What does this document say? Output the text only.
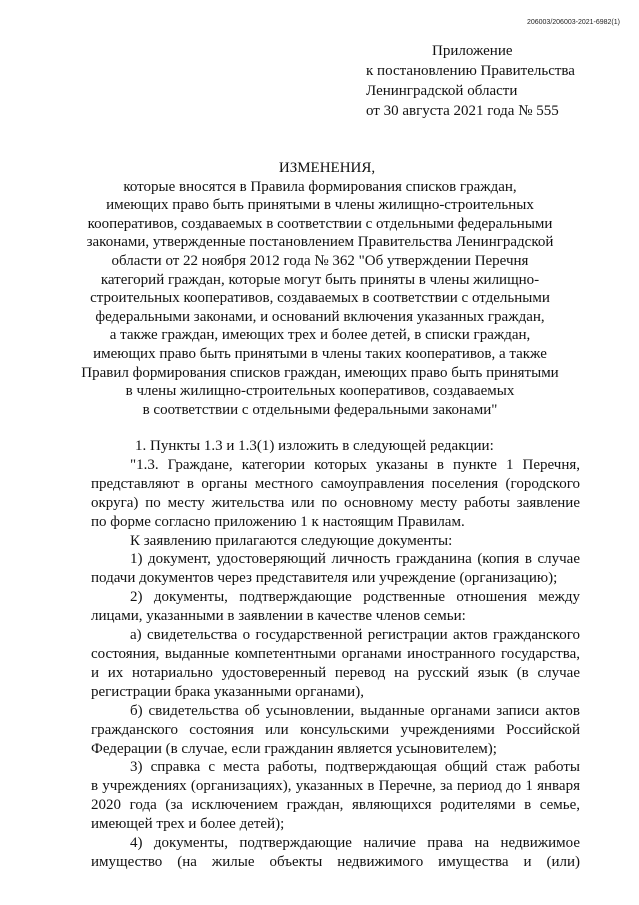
206003/206003-2021-6982(1)
Приложение
к постановлению Правительства
Ленинградской области
от 30 августа 2021 года № 555
ИЗМЕНЕНИЯ,
которые вносятся в Правила формирования списков граждан,
имеющих право быть принятыми в члены жилищно-строительных
кооперативов, создаваемых в соответствии с отдельными федеральными
законами, утвержденные постановлением Правительства Ленинградской
области от 22 ноября 2012 года № 362 "Об утверждении Перечня
категорий граждан, которые могут быть приняты в члены жилищно-
строительных кооперативов, создаваемых в соответствии с отдельными
федеральными законами, и оснований включения указанных граждан,
а также граждан, имеющих трех и более детей, в списки граждан,
имеющих право быть принятыми в члены таких кооперативов, а также
Правил формирования списков граждан, имеющих право быть принятыми
в члены жилищно-строительных кооперативов, создаваемых
в соответствии с отдельными федеральными законами"
1. Пункты 1.3 и 1.3(1) изложить в следующей редакции:
"1.3. Граждане, категории которых указаны в пункте 1 Перечня,
представляют в органы местного самоуправления поселения (городского
округа) по месту жительства или по основному месту работы заявление
по форме согласно приложению 1 к настоящим Правилам.
К заявлению прилагаются следующие документы:
1) документ, удостоверяющий личность гражданина (копия в случае
подачи документов через представителя или учреждение (организацию);
2) документы, подтверждающие родственные отношения между
лицами, указанными в заявлении в качестве членов семьи:
а) свидетельства о государственной регистрации актов гражданского
состояния, выданные компетентными органами иностранного государства,
и их нотариально удостоверенный перевод на русский язык (в случае
регистрации брака указанными органами),
б) свидетельства об усыновлении, выданные органами записи актов
гражданского состояния или консульскими учреждениями Российской
Федерации (в случае, если гражданин является усыновителем);
3) справка с места работы, подтверждающая общий стаж работы
в учреждениях (организациях), указанных в Перечне, за период до 1 января
2020 года (за исключением граждан, являющихся родителями в семье,
имеющей трех и более детей);
4) документы, подтверждающие наличие права на недвижимое
имущество (на жилые объекты недвижимого имущества и (или)
